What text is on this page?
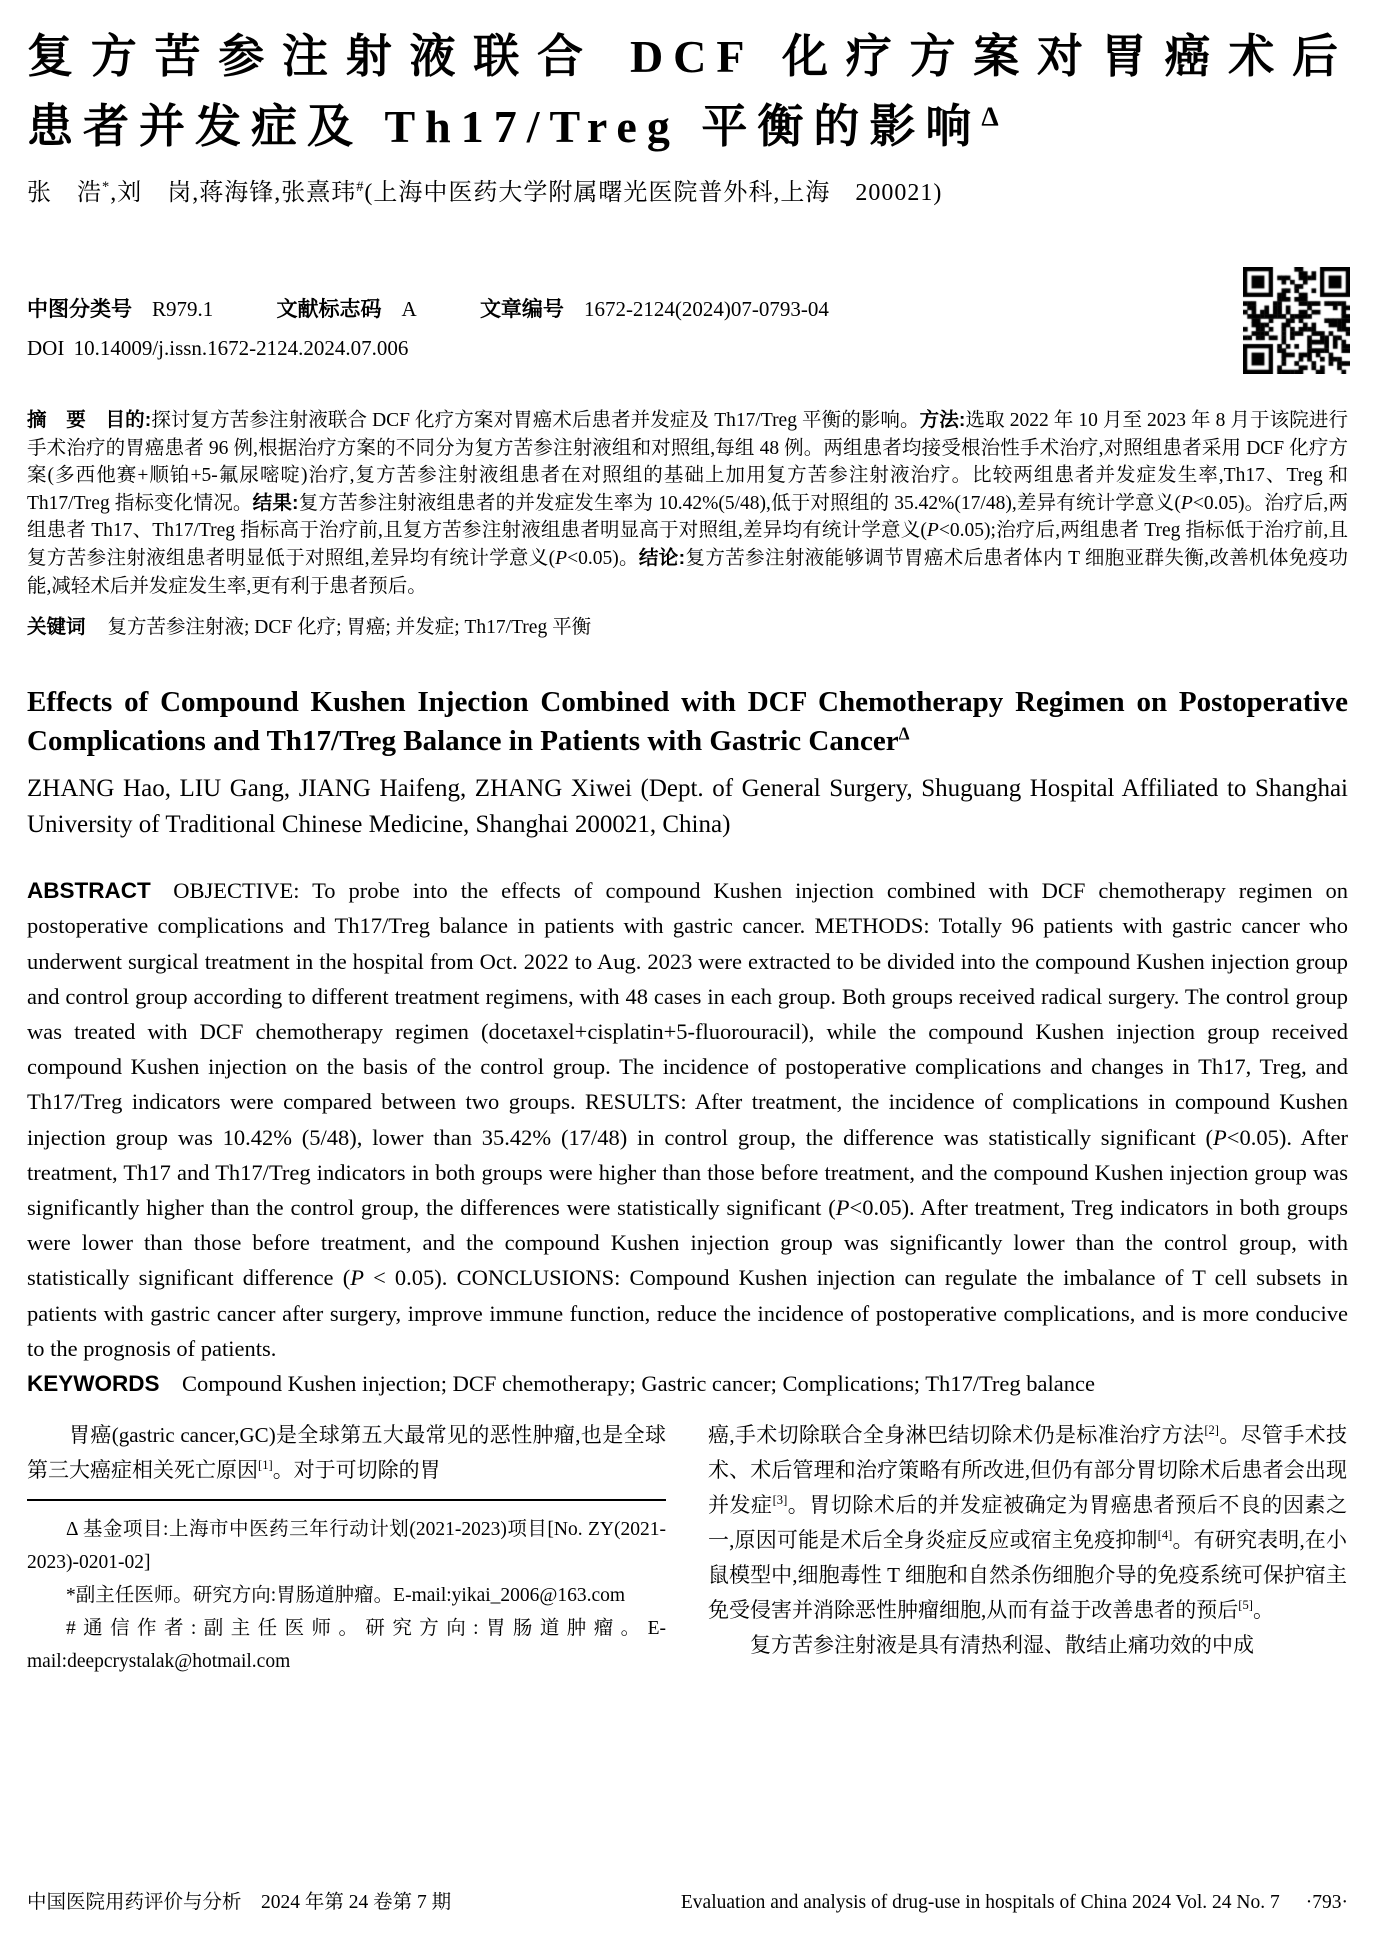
复方苦参注射液联合 DCF 化疗方案对胃癌术后
患者并发症及 Th17/Treg 平衡的影响$^\Delta$
张　浩*,刘　岗,蒋海锋,张熹玮#(上海中医药大学附属曙光医院普外科,上海　200021)
中图分类号 R979.1	文献标志码 A	文章编号 1672-2124(2024)07-0793-04
DOI 10.14009/j.issn.1672-2124.2024.07.006
摘　要　目的:探讨复方苦参注射液联合 DCF 化疗方案对胃癌术后患者并发症及 Th17/Treg 平衡的影响。方法:选取 2022 年 10 月至 2023 年 8 月于该院进行手术治疗的胃癌患者 96 例,根据治疗方案的不同分为复方苦参注射液组和对照组,每组 48 例。两组患者均接受根治性手术治疗,对照组患者采用 DCF 化疗方案(多西他赛+顺铂+5-氟尿嘧啶)治疗,复方苦参注射液组患者在对照组的基础上加用复方苦参注射液治疗。比较两组患者并发症发生率,Th17、Treg 和 Th17/Treg 指标变化情况。结果:复方苦参注射液组患者的并发症发生率为 10.42%(5/48),低于对照组的 35.42%(17/48),差异有统计学意义(P<0.05)。治疗后,两组患者 Th17、Th17/Treg 指标高于治疗前,且复方苦参注射液组患者明显高于对照组,差异均有统计学意义(P<0.05);治疗后,两组患者 Treg 指标低于治疗前,且复方苦参注射液组患者明显低于对照组,差异均有统计学意义(P<0.05)。结论:复方苦参注射液能够调节胃癌术后患者体内 T 细胞亚群失衡,改善机体免疫功能,减轻术后并发症发生率,更有利于患者预后。
关键词 复方苦参注射液; DCF 化疗; 胃癌; 并发症; Th17/Treg 平衡
Effects of Compound Kushen Injection Combined with DCF Chemotherapy Regimen on Postoperative Complications and Th17/Treg Balance in Patients with Gastric Cancer$^\Delta$
ZHANG Hao, LIU Gang, JIANG Haifeng, ZHANG Xiwei (Dept. of General Surgery, Shuguang Hospital Affiliated to Shanghai University of Traditional Chinese Medicine, Shanghai 200021, China)
ABSTRACT OBJECTIVE: To probe into the effects of compound Kushen injection combined with DCF chemotherapy regimen on postoperative complications and Th17/Treg balance in patients with gastric cancer. METHODS: Totally 96 patients with gastric cancer who underwent surgical treatment in the hospital from Oct. 2022 to Aug. 2023 were extracted to be divided into the compound Kushen injection group and control group according to different treatment regimens, with 48 cases in each group. Both groups received radical surgery. The control group was treated with DCF chemotherapy regimen (docetaxel+cisplatin+5-fluorouracil), while the compound Kushen injection group received compound Kushen injection on the basis of the control group. The incidence of postoperative complications and changes in Th17, Treg, and Th17/Treg indicators were compared between two groups. RESULTS: After treatment, the incidence of complications in compound Kushen injection group was 10.42% (5/48), lower than 35.42% (17/48) in control group, the difference was statistically significant (P<0.05). After treatment, Th17 and Th17/Treg indicators in both groups were higher than those before treatment, and the compound Kushen injection group was significantly higher than the control group, the differences were statistically significant (P<0.05). After treatment, Treg indicators in both groups were lower than those before treatment, and the compound Kushen injection group was significantly lower than the control group, with statistically significant difference (P < 0.05). CONCLUSIONS: Compound Kushen injection can regulate the imbalance of T cell subsets in patients with gastric cancer after surgery, improve immune function, reduce the incidence of postoperative complications, and is more conducive to the prognosis of patients.
KEYWORDS Compound Kushen injection; DCF chemotherapy; Gastric cancer; Complications; Th17/Treg balance

胃癌(gastric cancer,GC)是全球第五大最常见的恶性肿瘤,也是全球第三大癌症相关死亡原因[1]。对于可切除的胃

Δ 基金项目:上海市中医药三年行动计划(2021-2023)项目[No. ZY(2021-2023)-0201-02]

*副主任医师。研究方向:胃肠道肿瘤。E-mail:yikai_2006@163.com

#通信作者:副主任医师。研究方向:胃肠道肿瘤。E-mail:deepcrystalak@hotmail.com

癌,手术切除联合全身淋巴结切除术仍是标准治疗方法[2]。尽管手术技术、术后管理和治疗策略有所改进,但仍有部分胃切除术后患者会出现并发症[3]。胃切除术后的并发症被确定为胃癌患者预后不良的因素之一,原因可能是术后全身炎症反应或宿主免疫抑制[4]。有研究表明,在小鼠模型中,细胞毒性 T 细胞和自然杀伤细胞介导的免疫系统可保护宿主免受侵害并消除恶性肿瘤细胞,从而有益于改善患者的预后[5]。

复方苦参注射液是具有清热利湿、散结止痛功效的中成

中国医院用药评价与分析　2024 年第 24 卷第 7 期	Evaluation and analysis of drug-use in hospitals of China 2024 Vol. 24 No. 7 ·793·
